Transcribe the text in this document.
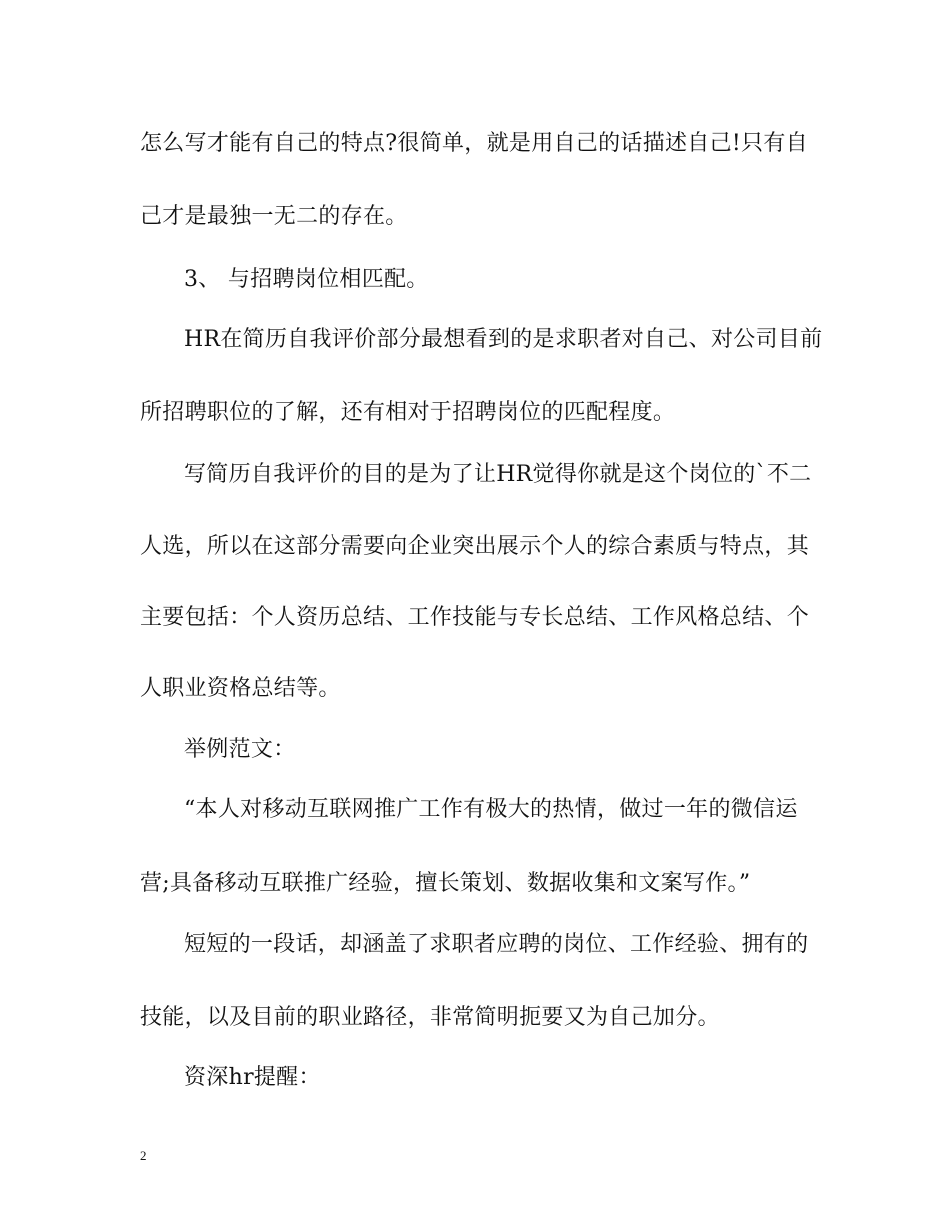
怎么写才能有自己的特点?很简单，就是用自己的话描述自己!只有自
己才是最独一无二的存在。
3、 与招聘岗位相匹配。
HR在简历自我评价部分最想看到的是求职者对自己、对公司目前
所招聘职位的了解，还有相对于招聘岗位的匹配程度。
写简历自我评价的目的是为了让HR觉得你就是这个岗位的`不二
人选，所以在这部分需要向企业突出展示个人的综合素质与特点，其
主要包括：个人资历总结、工作技能与专长总结、工作风格总结、个
人职业资格总结等。
举例范文：
“本人对移动互联网推广工作有极大的热情，做过一年的微信运
营;具备移动互联推广经验，擅长策划、数据收集和文案写作。”
短短的一段话，却涵盖了求职者应聘的岗位、工作经验、拥有的
技能，以及目前的职业路径，非常简明扼要又为自己加分。
资深hr提醒：
2
